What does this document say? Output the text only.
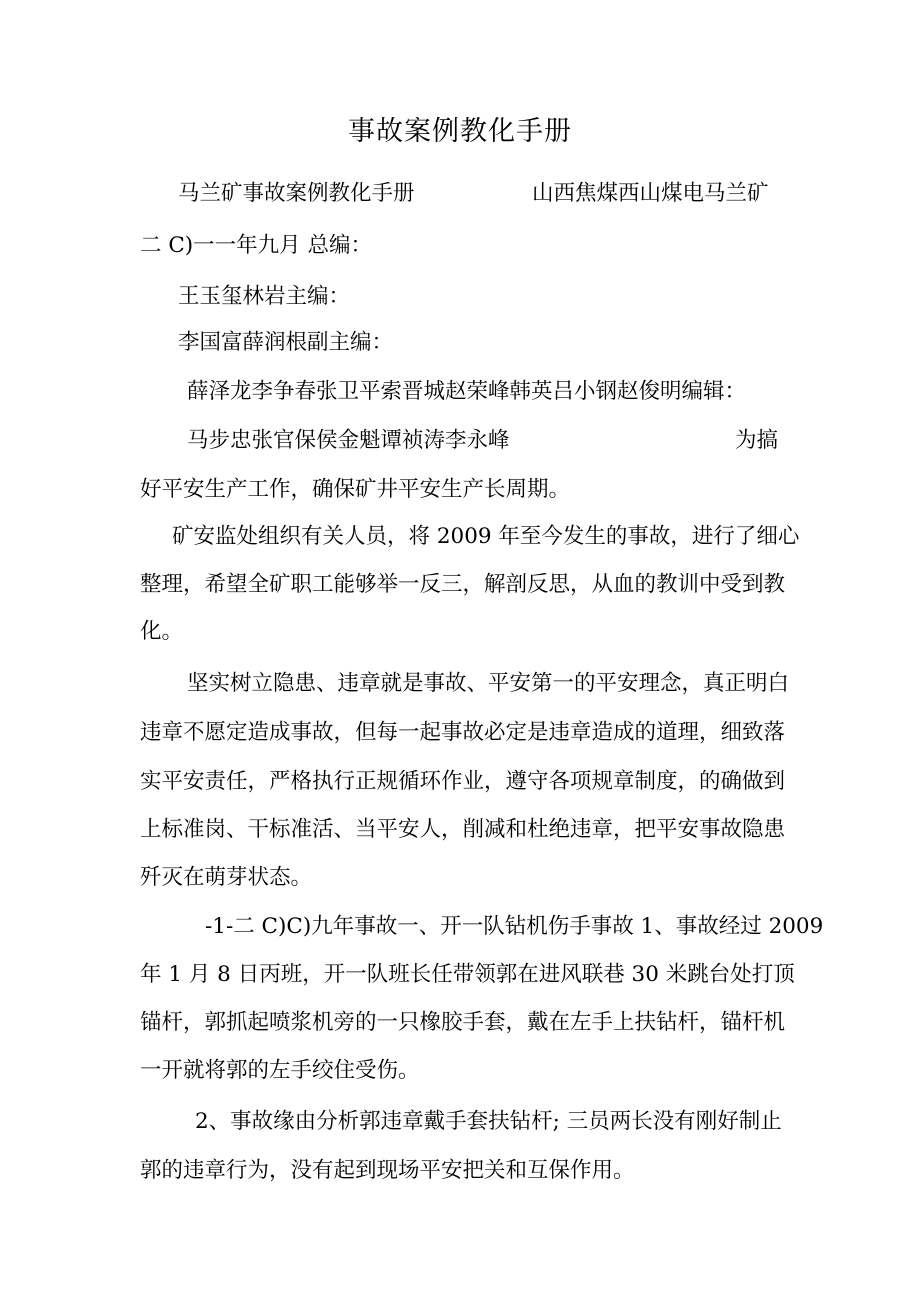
事故案例教化手册
马兰矿事故案例教化手册	山西焦煤西山煤电马兰矿
二 C)一一年九月 总编：
王玉玺林岩主编：
李国富薛润根副主编：
薛泽龙李争春张卫平索晋城赵荣峰韩英吕小钢赵俊明编辑：
马步忠张官保侯金魁谭祯涛李永峰	为搞
好平安生产工作，确保矿井平安生产长周期。
矿安监处组织有关人员，将 2009 年至今发生的事故，进行了细心
整理，希望全矿职工能够举一反三，解剖反思，从血的教训中受到教
化。
坚实树立隐患、违章就是事故、平安第一的平安理念，真正明白
违章不愿定造成事故，但每一起事故必定是违章造成的道理，细致落
实平安责任，严格执行正规循环作业，遵守各项规章制度，的确做到
上标准岗、干标准活、当平安人，削减和杜绝违章，把平安事故隐患
歼灭在萌芽状态。
-1-二 C)C)九年事故一、开一队钻机伤手事故 1、事故经过 2009
年 1 月 8 日丙班，开一队班长任带领郭在进风联巷 30 米跳台处打顶
锚杆，郭抓起喷浆机旁的一只橡胶手套，戴在左手上扶钻杆，锚杆机
一开就将郭的左手绞住受伤。
2、事故缘由分析郭违章戴手套扶钻杆; 三员两长没有刚好制止
郭的违章行为，没有起到现场平安把关和互保作用。
